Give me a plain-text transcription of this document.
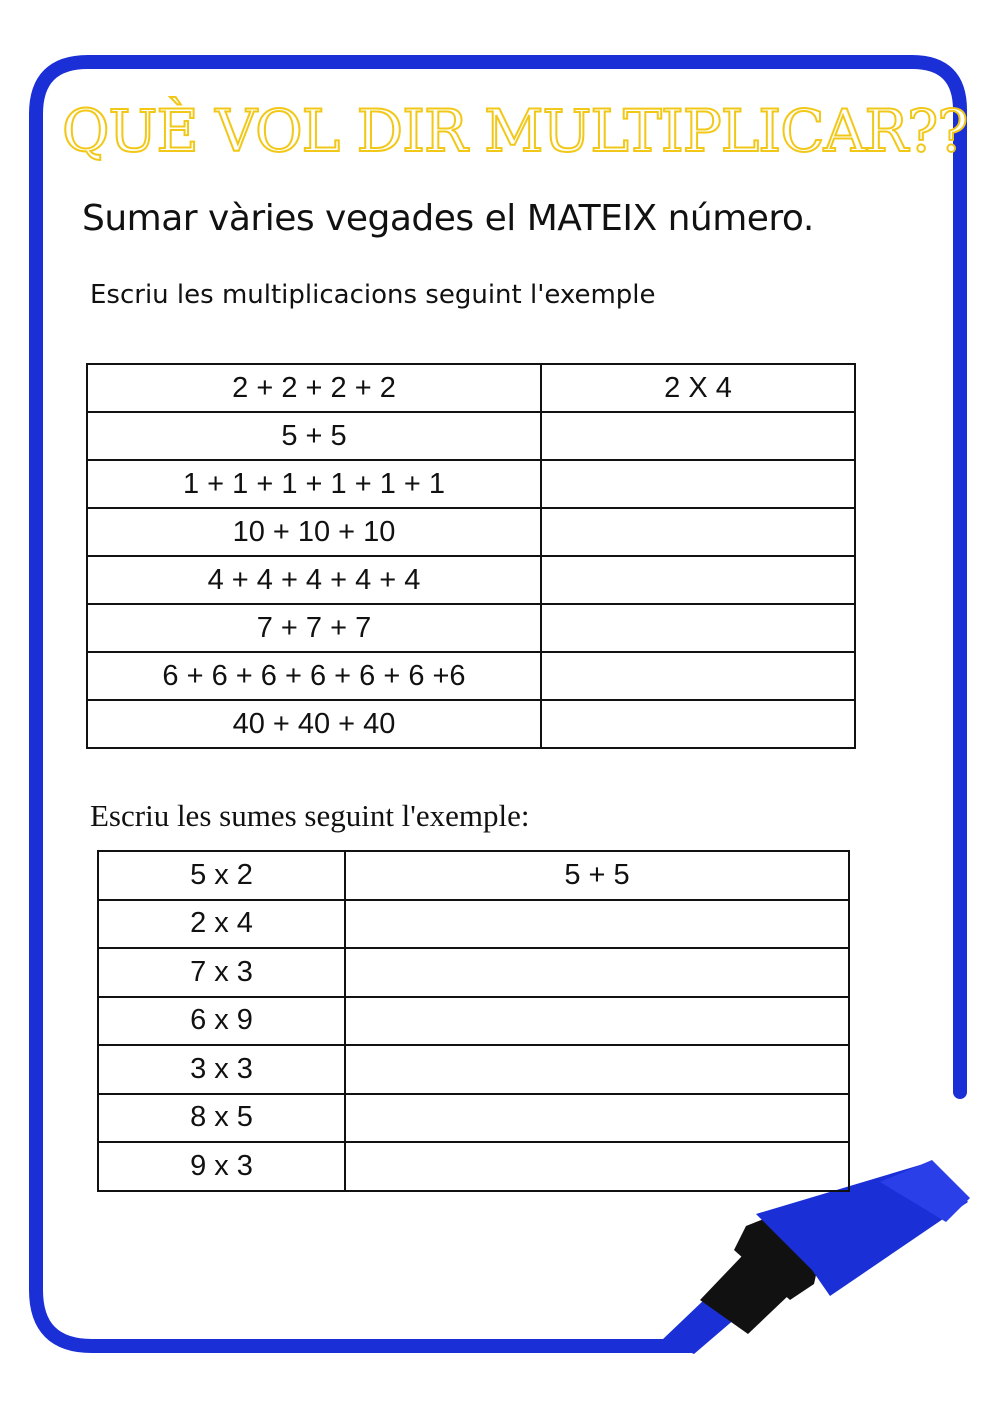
QUÈ VOL DIR MULTIPLICAR??
Sumar vàries vegades el MATEIX número.
Escriu les multiplicacions seguint l'exemple
2 + 2 + 2 + 2	2 X 4
5 + 5	
1 + 1 + 1 + 1 + 1 + 1	
10 + 10 + 10	
4 + 4 + 4 + 4 + 4	
7 + 7 + 7	
6 + 6 + 6 + 6 + 6 + 6 +6	
40 + 40 + 40	
Escriu les sumes seguint l'exemple:
5 x 2	5 + 5
2 x 4	
7 x 3	
6 x 9	
3 x 3	
8 x 5	
9 x 3	
